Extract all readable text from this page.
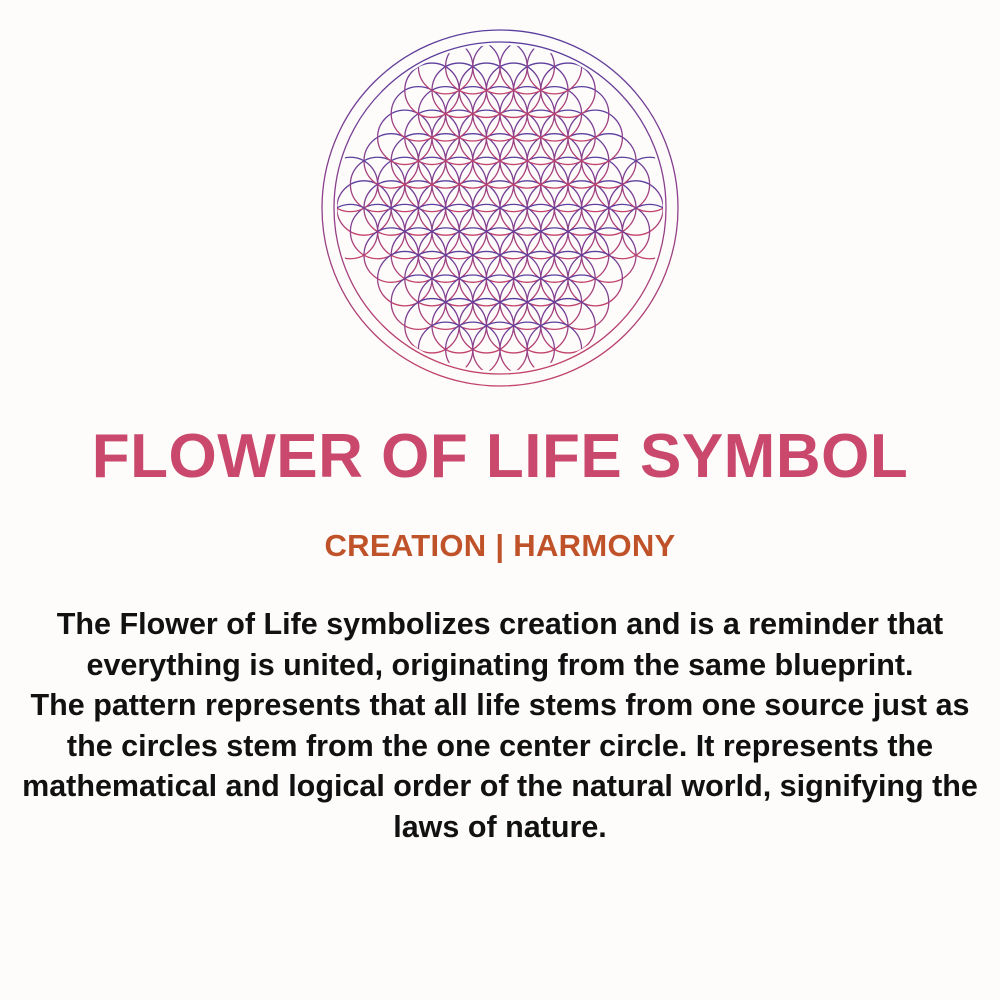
FLOWER OF LIFE SYMBOL
CREATION | HARMONY

The Flower of Life symbolizes creation and is a reminder that everything is united, originating from the same blueprint.

The pattern represents that all life stems from one source just as the circles stem from the one center circle. It represents the mathematical and logical order of the natural world, signifying the laws of nature.
